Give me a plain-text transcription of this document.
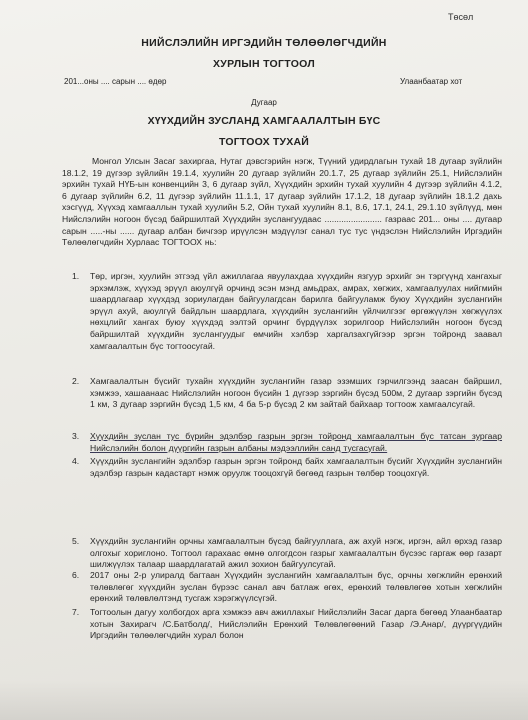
Төсөл
НИЙСЛЭЛИЙН ИРГЭДИЙН ТӨЛӨӨЛӨГЧДИЙН
ХУРЛЫН ТОГТООЛ
201...оны .... сарын .... өдөр	Улаанбаатар хот
Дугаар
ХҮҮХДИЙН ЗУСЛАНД ХАМГААЛАЛТЫН БҮС
ТОГТООХ ТУХАЙ
Монгол Улсын Засаг захиргаа, Нутаг дэвсгэрийн нэгж, Түүний удирдлагын тухай 18 дугаар зүйлийн 18.1.2, 19 дүгээр зүйлийн 19.1.4, хуулийн 20 дугаар зүйлийн 20.1.7, 25 дугаар зүйлийн 25.1, Нийслэлийн эрхийн тухай НҮБ-ын конвенцийн 3, 6 дугаар зүйл, Хүүхдийн эрхийн тухай хуулийн 4 дүгээр зүйлийн 4.1.2, 6 дугаар зүйлийн 6.2, 11 дүгээр зүйлийн 11.1.1, 17 дугаар зүйлийн 17.1.2, 18 дугаар зүйлийн 18.1.2 дахь хэсгүүд, Хүүхэд хамгааллын тухай хуулийн 5.2, Ойн тухай хуулийн 8.1, 8.6, 17.1, 24.1, 29.1.10 зүйлүүд, мөн Нийслэлийн ногоон бүсэд байршилтай Хүүхдийн зуслангуудаас ........................ газраас 201... оны .... дугаар сарын .....-ны ...... дугаар албан бичгээр ирүүлсэн мэдүүлэг санал тус тус үндэслэн Нийслэлийн Иргэдийн Төлөөлөгчдийн Хурлаас ТОГТООХ нь:
1. Төр, иргэн, хуулийн этгээд үйл ажиллагаа явуулахдаа хүүхдийн язгуур эрхийг эн тэргүүнд хангахыг эрхэмлэж, хүүхэд эрүүл аюулгүй орчинд эсэн мэнд амьдрах, амрах, хөгжих, хамгаалуулах нийгмийн шаардлагаар хүүхдэд зориулагдан байгуулагдсан барилга байгууламж буюу Хүүхдийн зуслангийн эрүүл ахуй, аюулгүй байдлын шаардлага, хүүхдийн зуслангийн үйлчилгээг өргөжүүлэн хөгжүүлэх нөхцлийг хангах буюу хүүхдэд ээлтэй орчинг бүрдүүлэх зорилгоор Нийслэлийн ногоон бүсэд байршилтай хүүхдийн зуслангуудыг өмчийн хэлбэр харгалзахгүйгээр эргэн тойронд заавал хамгаалалтын бүс тогтоосугай.
2. Хамгаалалтын бүсийг тухайн хүүхдийн зуслангийн газар эзэмших гэрчилгээнд заасан байршил, хэмжээ, хашаанаас Нийслэлийн ногоон бүсийн 1 дүгээр зэргийн бүсэд 500м, 2 дугаар зэргийн бүсэд 1 км, 3 дугаар зэргийн бүсэд 1,5 км, 4 ба 5-р бүсэд 2 км зайтай байхаар тогтоож хамгаалсугай.
3. Хүүхдийн зуслан тус бүрийн эдэлбэр газрын эргэн тойронд хамгаалалтын бүс татсан зургаар Нийслэлийн болон дүүргийн газрын албаны мэдээллийн санд тусгасугай.
4. Хүүхдийн зуслангийн эдэлбэр газрын эргэн тойронд байх хамгаалалтын бүсийг Хүүхдийн зуслангийн эдэлбэр газрын кадастарт нэмж оруулж тооцохгүй бөгөөд газрын төлбөр тооцохгүй.
5. Хүүхдийн зуслангийн орчны хамгаалалтын бүсэд байгууллага, аж ахуй нэгж, иргэн, айл өрхэд газар олгохыг хориглоно. Тогтоол гарахаас өмнө олгогдсон газрыг хамгаалалтын бүсээс гаргаж өөр газарт шилжүүлэх талаар шаардлагатай ажил зохион байгуулсугай.
6. 2017 оны 2-р улиралд багтаан Хүүхдийн зуслангийн хамгаалалтын бүс, орчны хөгжлийн ерөнхий төлөвлөгөг хүүхдийн зуслан бүрээс санал авч батлаж өгөх, ерөнхий төлөвлөгөө хотын хөгжлийн ерөнхий төлөвлөлтэнд тусгаж хэрэгжүүлсүгэй.
7. Тогтоолын дагуу холбогдох арга хэмжээ авч ажиллахыг Нийслэлийн Засаг дарга бөгөөд Улаанбаатар хотын Захирагч /С.Батболд/, Нийслэлийн Ерөнхий Төлөвлөгөөний Газар /Э.Анар/, дүүргүүдийн Иргэдийн төлөөлөгчдийн хурал болон
